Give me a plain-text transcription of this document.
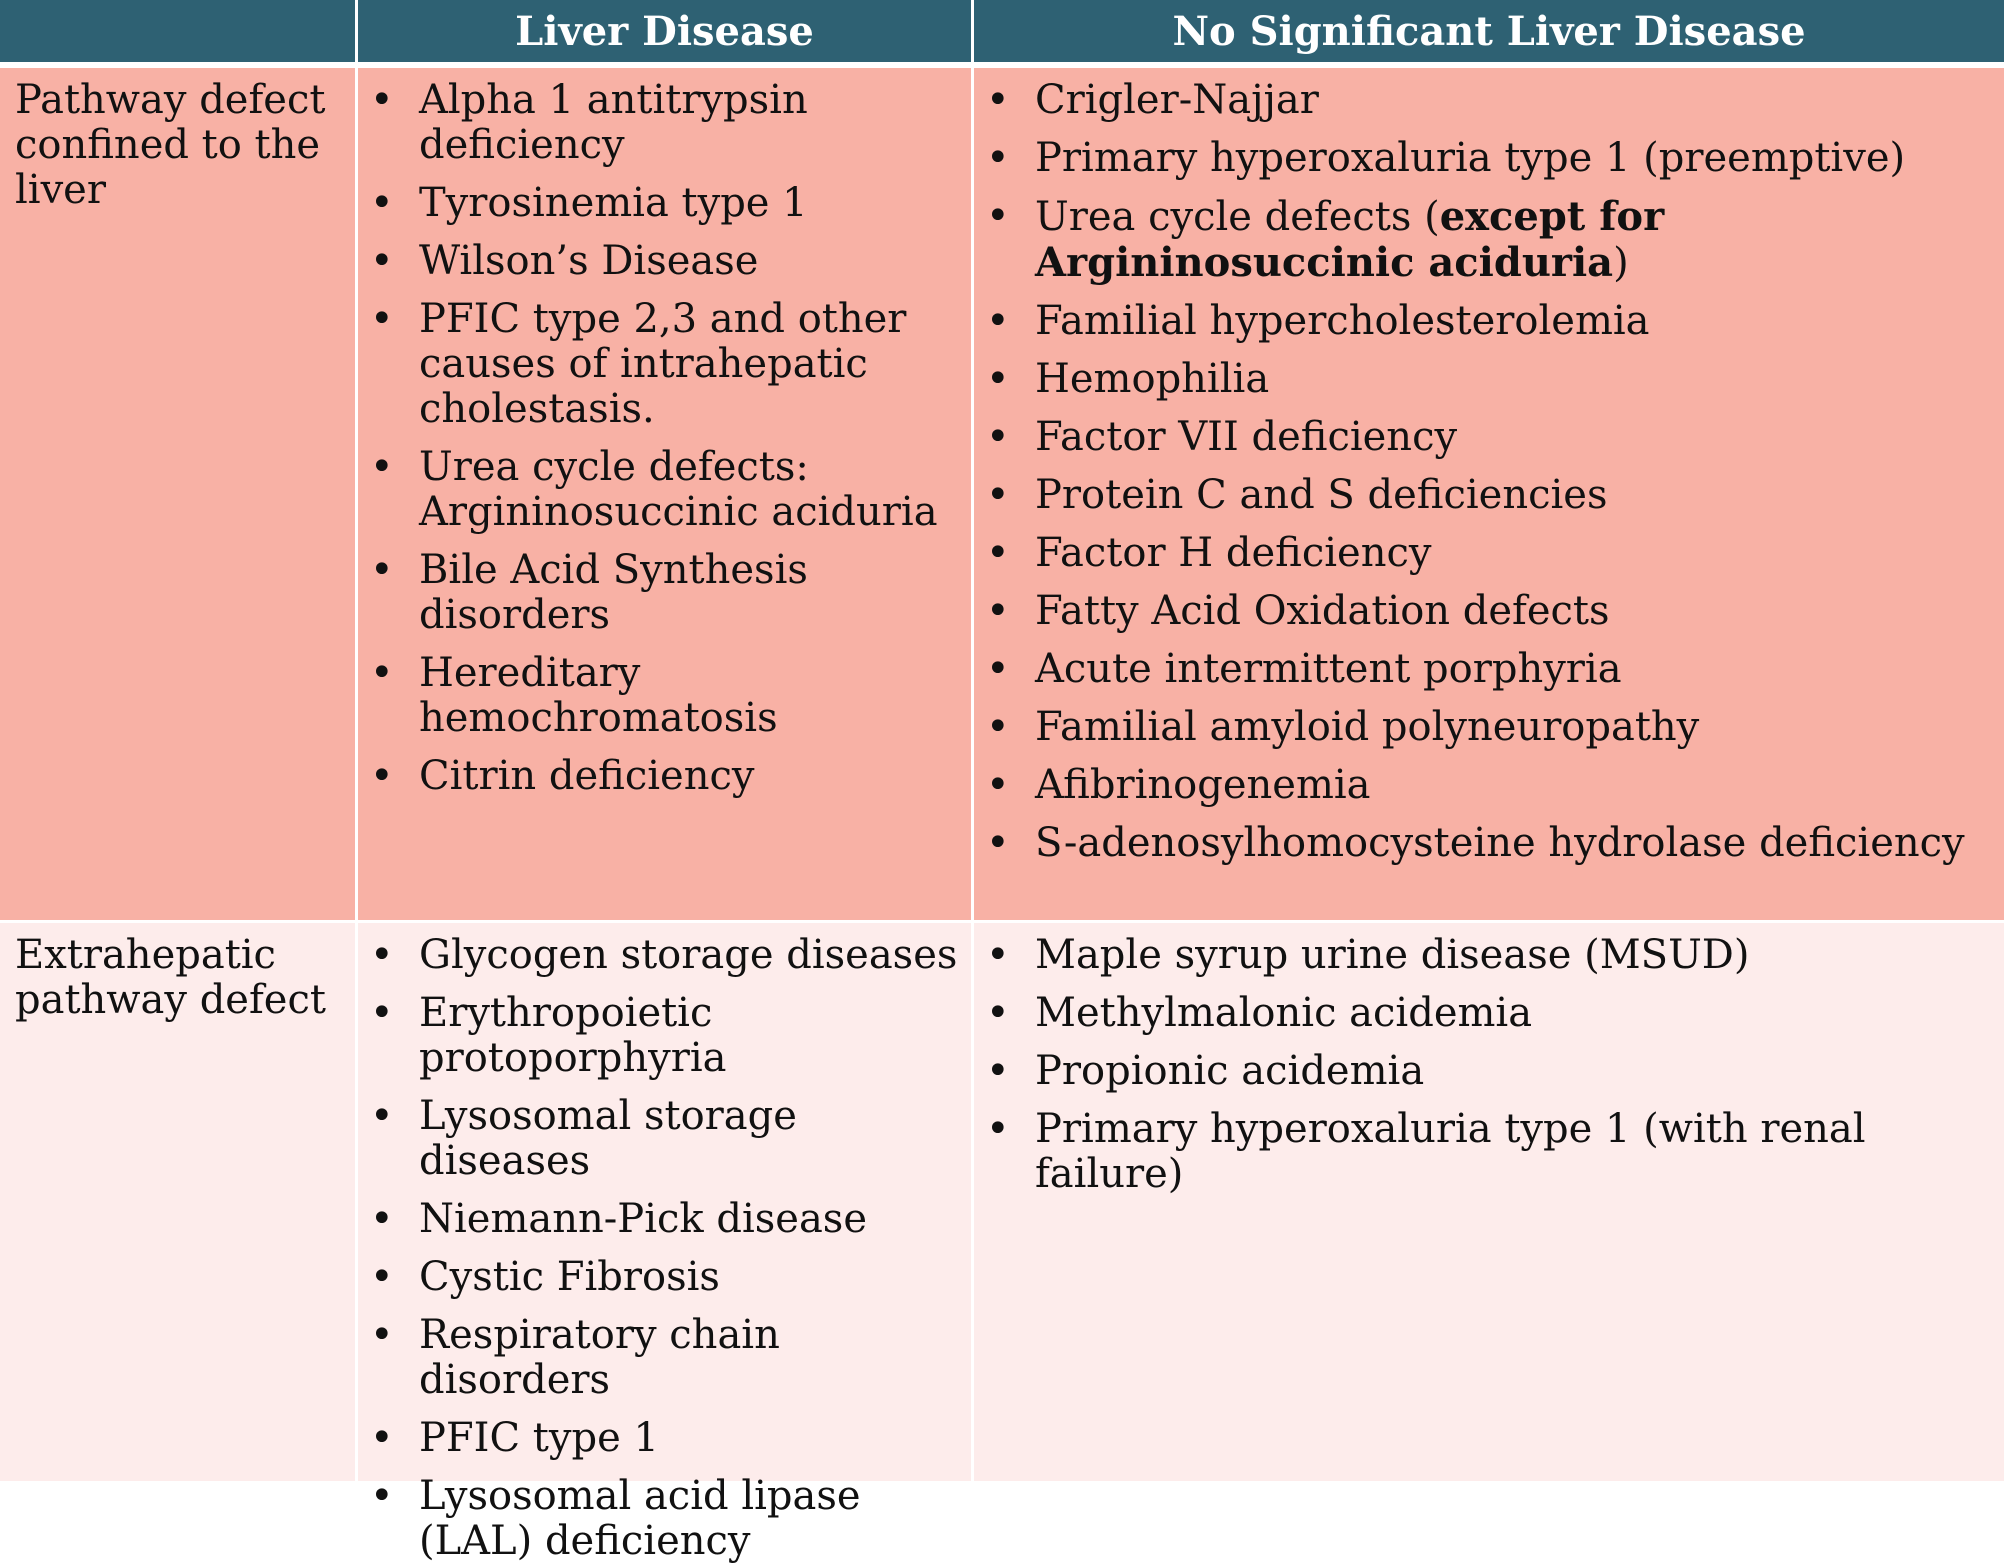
Liver Disease	No Significant Liver Disease
Pathway defect confined to the liver
• Alpha 1 antitrypsin deficiency
• Tyrosinemia type 1
• Wilson’s Disease
• PFIC type 2,3 and other causes of intrahepatic cholestasis.
• Urea cycle defects: Argininosuccinic aciduria
• Bile Acid Synthesis disorders
• Hereditary hemochromatosis
• Citrin deficiency
• Crigler-Najjar
• Primary hyperoxaluria type 1 (preemptive)
• Urea cycle defects (except for Argininosuccinic aciduria)
• Familial hypercholesterolemia
• Hemophilia
• Factor VII deficiency
• Protein C and S deficiencies
• Factor H deficiency
• Fatty Acid Oxidation defects
• Acute intermittent porphyria
• Familial amyloid polyneuropathy
• Afibrinogenemia
• S-adenosylhomocysteine hydrolase deficiency
Extrahepatic pathway defect
• Glycogen storage diseases
• Erythropoietic protoporphyria
• Lysosomal storage diseases
• Niemann-Pick disease
• Cystic Fibrosis
• Respiratory chain disorders
• PFIC type 1
• Lysosomal acid lipase (LAL) deficiency
• Maple syrup urine disease (MSUD)
• Methylmalonic acidemia
• Propionic acidemia
• Primary hyperoxaluria type 1 (with renal failure)
